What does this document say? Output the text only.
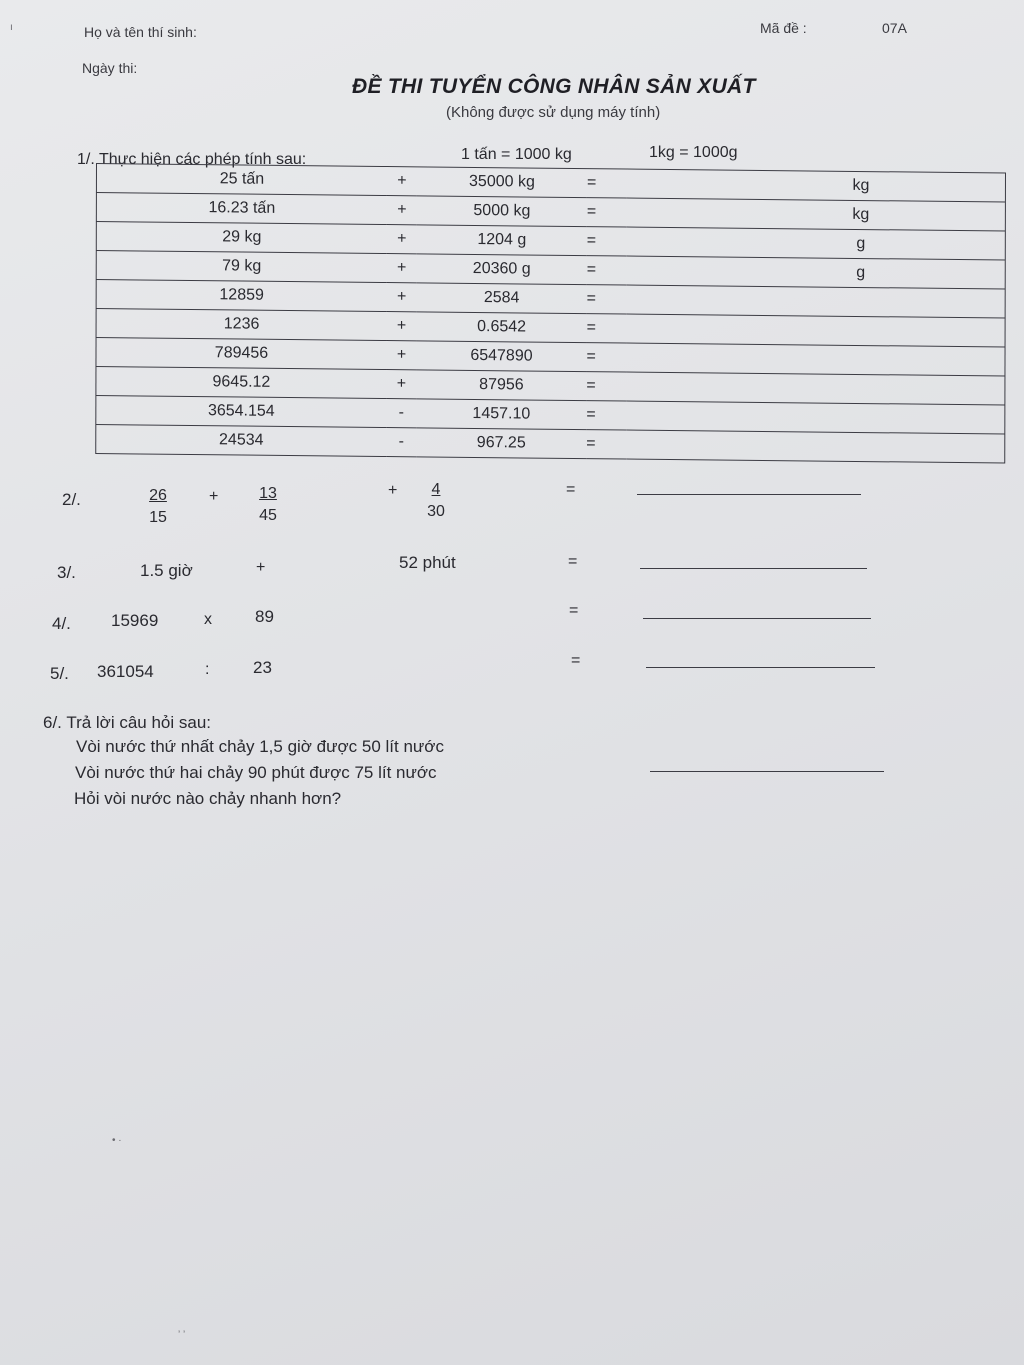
Họ và tên thí sinh:
Ngày thi:
Mã đề :	07A
ĐỀ THI TUYỂN CÔNG NHÂN SẢN XUẤT
(Không được sử dụng máy tính)
1/. Thực hiện các phép tính sau:	1 tấn = 1000 kg	1kg = 1000g
25 tấn	+	35000 kg	=	kg
16.23 tấn	+	5000 kg	=	kg
29 kg	+	1204 g	=	g
79 kg	+	20360 g	=	g
12859	+	2584	=	
1236	+	0.6542	=	
789456	+	6547890	=	
9645.12	+	87956	=	
3654.154	-	1457.10	=	
24534	-	967.25	=	
2/.	$\frac{26}{15} + \frac{13}{45}$	+ $\frac{4}{30}$	=
3/.	1.5 giờ	+	52 phút	=
4/. 15969	x	89	=
5/. 361054	:	23	=
6/. Trả lời câu hỏi sau:
Vòi nước thứ nhất chảy 1,5 giờ được 50 lít nước
Vòi nước thứ hai chảy 90 phút được 75 lít nước
Hỏi vòi nước nào chảy nhanh hơn?
ı
• ·
ʼ ʼ
